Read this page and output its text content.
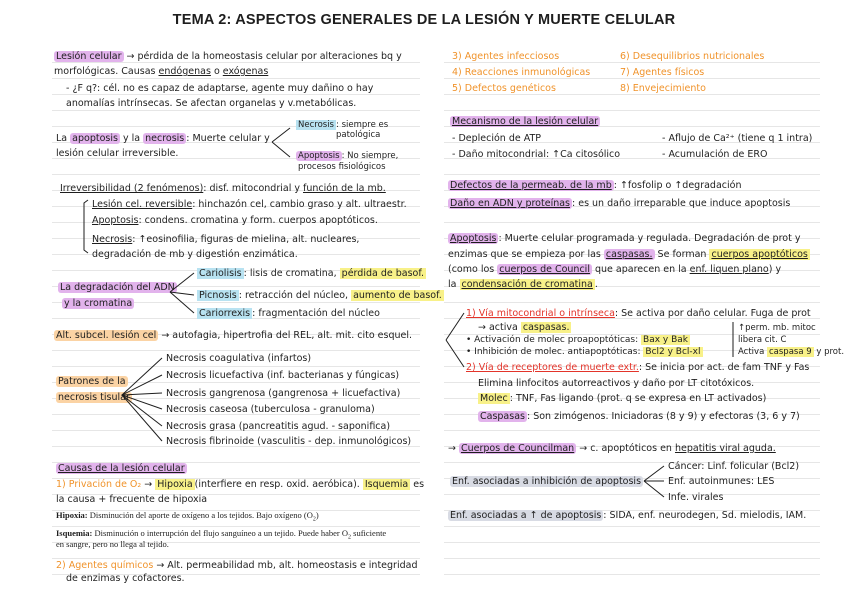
TEMA 2: ASPECTOS GENERALES DE LA LESIÓN Y MUERTE CELULAR
Lesión celular → pérdida de la homeostasis celular por alteraciones bq y
morfológicas. Causas endógenas o exógenas
- ¿F q?: cél. no es capaz de adaptarse, agente muy dañino o hay
anomalías intrínsecas. Se afectan organelas y v.metabólicas.
La apoptosis y la necrosis : Muerte celular y
lesión celular irreversible.
Necrosis : siempre es
patológica
Apoptosis : No siempre,
procesos fisiológicos
Irreversibilidad (2 fenómenos): disf. mitocondrial y función de la mb.
Lesión cel. reversible: hinchazón cel, cambio graso y alt. ultraestr.
Apoptosis: condens. cromatina y form. cuerpos apoptóticos.
Necrosis: ↑eosinofilia, figuras de mielina, alt. nucleares,
degradación de mb y digestión enzimática.
La degradación del ADN
y la cromatina
Cariolisis : lisis de cromatina, pérdida de basof.
Picnosis : retracción del núcleo, aumento de basof.
Cariorrexis : fragmentación del núcleo
Alt. subcel. lesión cel → autofagia, hipertrofia del REL, alt. mit. cito esquel.
Patrones de la
necrosis tisular
Necrosis coagulativa (infartos)
Necrosis licuefactiva (inf. bacterianas y fúngicas)
Necrosis gangrenosa (gangrenosa + licuefactiva)
Necrosis caseosa (tuberculosa - granuloma)
Necrosis grasa (pancreatitis agud. - saponifica)
Necrosis fibrinoide (vasculitis - dep. inmunológicos)
Causas de la lesión celular
1) Privación de O₂ → Hipoxia (interfiere en resp. oxid. aeróbica). Isquemia es
la causa + frecuente de hipoxia
Hipoxia: Disminución del aporte de oxígeno a los tejidos. Bajo oxígeno $(O_2)$
Isquemia: Disminución o interrupción del flujo sanguíneo a un tejido. Puede haber $O_2$ suficiente
en sangre, pero no llega al tejido.
2) Agentes químicos → Alt. permeabilidad mb, alt. homeostasis e integridad
de enzimas y cofactores.
3) Agentes infecciosos
4) Reacciones inmunológicas
5) Defectos genéticos
6) Desequilibrios nutricionales
7) Agentes físicos
8) Envejecimiento
Mecanismo de la lesión celular
- Depleción de ATP
- Daño mitocondrial: ↑Ca citosólico
- Aflujo de Ca²⁺ (tiene q 1 intra)
- Acumulación de ERO
Defectos de la permeab. de la mb : ↑fosfolip o ↑degradación
Daño en ADN y proteínas : es un daño irreparable que induce apoptosis
Apoptosis : Muerte celular programada y regulada. Degradación de prot y
enzimas que se empieza por las caspasas. Se forman cuerpos apoptóticos
(como los cuerpos de Council que aparecen en la enf. liquen plano) y
la condensación de cromatina .
1) Vía mitocondrial o intrínseca: Se activa por daño celular. Fuga de prot
→ activa caspasas.
• Activación de molec proapoptóticas: Bax y Bak
• Inhibición de molec. antiapoptóticas: Bcl2 y Bcl-xl
↑perm. mb. mitoc
libera cit. C
Activa caspasa 9 y prot.
2) Vía de receptores de muerte extr.: Se inicia por act. de fam TNF y Fas
Elimina linfocitos autorreactivos y daño por LT citotóxicos.
Molec : TNF, Fas ligando (prot. q se expresa en LT activados)
Caspasas : Son zimógenos. Iniciadoras (8 y 9) y efectoras (3, 6 y 7)
→ Cuerpos de Councilman → c. apoptóticos en hepatitis viral aguda.
Enf. asociadas a inhibición de apoptosis
Cáncer: Linf. folicular (Bcl2)
Enf. autoinmunes: LES
Infe. virales
Enf. asociadas a ↑ de apoptosis : SIDA, enf. neurodegen, Sd. mielodis, IAM.
